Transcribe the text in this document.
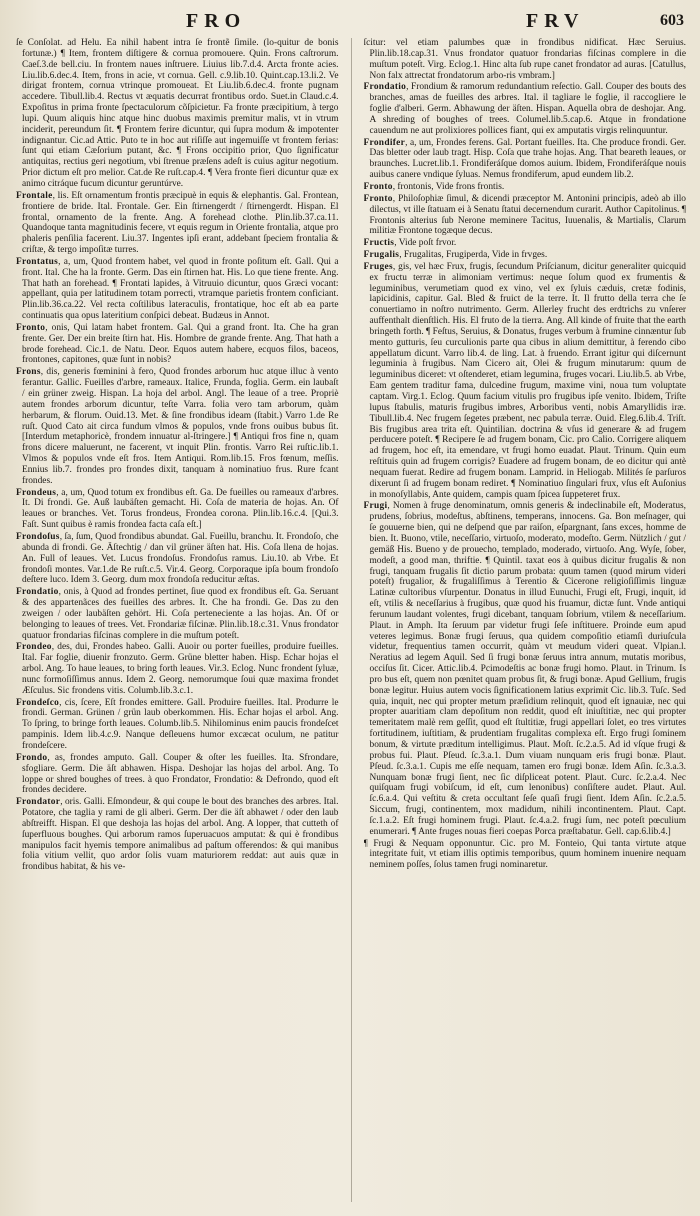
FRO	FRV	603
ſe Conſolat. ad Helu. Ea nihil habent intra ſe frontẽ ſimile. (lo-quitur de bonis fortunæ.) ¶ Item, frontem diſtigere & cornua promouere. Quin. Frons caſtrorum. Caeſ.3.de bell.ciu. In frontem naues inſtruere. Liuius lib.7.d.4. Arcta fronte acies. Liu.lib.6.dec.4. Item, frons in acie, vt cornua. Gell. c.9.lib.10. Quint.cap.13.li.2. Ve dirigat frontem, cornua vtrinque promoueat. Et Liu.lib.6.dec.4. fronte pugnam accedere. Tibull.lib.4. Rectus vt æquatis decurrat frontibus ordo. Suet.in Claud.c.4. Expoſitus in prima fronte ſpectaculorum cõſpicietur. Fa fronte præcipitium, à tergo lupi. Quum aliquis hinc atque hinc duobus maximis premitur malis, vt in vtrum inciderit, pereundum ſit. ¶ Frontem ferire dicuntur, qui ſupra modum & impotenter indignantur. Cic.ad Attic. Puto te in hoc aut riſiſſe aut ingemuiſſe vt frontem ferias: ſunt qui etiam Cæſorium putant, &c. ¶ Frons occipitio prior, Quo ſignificatur antiquitas, rectius geri negotium, vbi ſtrenue præſens adeſt is cuius agitur negotium. Prior dictum eſt pro melior. Cat.de Re ruſt.cap.4. ¶ Vera fronte fieri dicuntur quæ ex animo citráque fucum dicuntur geruntúrve.
Frontale, lis. Eſt ornamentum frontis præcipuè in equis & elephantis. Gal. Frontean, frontiere de bride. Ital. Frontale. Ger. Ein ſtirnengerdt / ſtirnengerdt. Hispan. El frontal, ornamento de la frente. Ang. A forehead clothe. Plin.lib.37.ca.11. Quandoque tanta magnitudinis fecere, vt equis regum in Oriente frontalia, atque pro phaleris penſilia facerent. Liu.37. Ingentes ipſi erant, addebant ſpeciem frontalia & criſtæ, & tergo impoſitæ turres.
Frontatus, a, um, Quod frontem habet, vel quod in fronte poſitum eſt. Gall. Qui a front. Ital. Che ha la fronte. Germ. Das ein ſtirnen hat. His. Lo que tiene frente. Ang. That hath an forehead. ¶ Frontati lapides, à Vitruuio dicuntur, quos Græci vocant: appellant, quia per latitudinem totam porrecti, vtramque parietis frontem conficiant. Plin.lib.36.ca.22. Vel recta coſtilibus lateraculis, frontatique, hoc eſt ab ea parte continuatis qua opus lateritium conſpici debeat. Budæus in Annot.
Fronto, onis, Qui latam habet frontem. Gal. Qui a grand front. Ita. Che ha gran frente. Ger. Der ein breite ſtirn hat. His. Hombre de grande frente. Ang. That hath a brode forehead. Cic.1. de Natu. Deor. Equos autem habere, ecquos filos, baceos, frontones, capitones, quæ ſunt in nobis?
Frons, dis, generis fœminini à fero, Quod frondes arborum huc atque illuc à vento ferantur. Gallic. Fueilles d'arbre, rameaux. Italice, Frunda, foglia. Germ. ein laubaſt / ein grüner zweig. Hispan. La hoja del arbol. Angl. The leaue of a tree. Propriè autem frondes arborum dicuntur, teſte Varra. folia vero tam arborum, quàm herbarum, & florum. Ouid.13. Met. & ſine frondibus ideam (ſtabit.) Varro 1.de Re ruſt. Quod Cato ait circa fundum vlmos & populos, vnde frons ouibus bubus ſit. [Interdum metaphoricè, frondem innuatur al-ſtringere.] ¶ Antiqui fros fine n, quam frons dicere maluerunt, ne facerent, vt inquit Plin. frontis. Varro Rei ruſtic.lib.1. Vlmos & populos vnde eſt fros. Item Antiqui. Rom.lib.15. Fros fœnum, meſſis. Ennius lib.7. frondes pro frondes dixit, tanquam à nominatiuo frus. Rure fcant frondes.
Frondeus, a, um, Quod totum ex frondibus eſt. Ga. De fueilles ou rameaux d'arbres. It. Di frondi. Ge. Auß laubäſten gemacht. Hi. Coſa de materia de hojas. An. Of leaues or branches. Vet. Torus frondeus, Frondea corona. Plin.lib.16.c.4. [Qui.3. Faſt. Sunt quibus è ramis frondea facta caſa eſt.]
Frondoſus, ſa, ſum, Quod frondibus abundat. Gal. Fueillu, branchu. It. Frondoſo, che abunda di frondi. Ge. Äſtechtig / dan vil grüner äſten hat. His. Coſa llena de hojas. An. Full of leaues. Vet. Lucus frondoſus. Frondoſus ramus. Liu.10. ab Vrbe. Et frondoſi montes. Var.1.de Re ruſt.c.5. Vir.4. Georg. Corporaque ipſa boum frondoſo deſtere luco. Idem 3. Georg. dum mox frondoſa reducitur æſtas.
Frondatio, onis, à Quod ad frondes pertinet, ſiue quod ex frondibus eſt. Ga. Seruant & des appartenãces des fueilles des arbres. It. Che ha frondi. Ge. Das zu den zweigen / oder laubäſten gehört. Hi. Coſa perteneciente a las hojas. An. Of or belonging to leaues of trees. Vet. Frondariæ fiſcinæ. Plin.lib.18.c.31. Vnus frondator quatuor frondarias fiſcinas complere in die muſtum poteſt.
Frondeo, des, dui, Frondes habeo. Galli. Auoir ou porter fueilles, produire fueilles. Ital. Far foglie, diuenir fronzuto. Germ. Grüne bletter haben. Hisp. Echar hojas el arbol. Ang. To haue leaues, to bring forth leaues. Vir.3. Eclog. Nunc frondent ſyluæ, nunc formoſiſſimus annus. Idem 2. Georg. nemorumque ſoui quæ maxima frondet Æſculus. Sic frondens vitis. Columb.lib.3.c.1.
Frondeſco, cis, ſcere, Eſt frondes emittere. Gall. Produire fueilles. Ital. Produrre le frondi. German. Grünen / grün laub oberkommen. His. Echar hojas el arbol. Ang. To ſpring, to bringe forth leaues. Columb.lib.5. Nihilominus enim paucis frondeſcet pampinis. Idem lib.4.c.9. Nanque deſleuens humor excæcat oculum, ne patitur frondeſcere.
Frondo, as, frondes amputo. Gall. Couper & oſter les fueilles. Ita. Sfrondare, sfogliare. Germ. Die äſt abhawen. Hispa. Deshojar las hojas del arbol. Ang. To loppe or shred boughes of trees. à quo Frondator, Frondatio: & Defrondo, quod eſt frondes decidere.
Frondator, oris. Galli. Eſmondeur, & qui coupe le bout des branches des arbres. Ital. Potatore, che taglia y rami de gli alberi. Germ. Der die äſt abhawet / oder den laub abſtreifft. Hispan. El que deshoja las hojas del arbol. Ang. A lopper, that cutteth of ſuperfluous boughes. Qui arborum ramos ſuperuacuos amputat: & qui è frondibus manipulos facit hyemis tempore animalibus ad paſtum offerendos: & qui manibus folia vitium vellit, quo ardor ſolis vuam maturiorem reddat: aut auis quæ in frondibus habitat, & his ve-
ſcitur: vel etiam palumbes quæ in frondibus nidificat. Hæc Seruius. Plin.lib.18.cap.31. Vnus frondator quatuor frondarias fiſcinas complere in die muſtum poteſt. Virg. Eclog.1. Hinc alta ſub rupe canet frondator ad auras. [Catullus, Non falx attrectat frondatorum arbo-ris vmbram.]
Frondatio, Frondium & ramorum redundantium reſectio. Gall. Couper des bouts des branches, amas de fueilles des arbres. Ital. il tagliare le foglie, il raccogliere le foglie d'alberi. Germ. Abhawung der äſten. Hispan. Aquella obra de deshojar. Ang. A shreding of boughes of trees. Columel.lib.5.cap.6. Atque in frondatione cauendum ne aut prolixiores pollices fiant, qui ex amputatis virgis relinquuntur.
Frondifer, a, um, Frondes ferens. Gal. Portant fueilles. Ita. Che produce frondi. Ger. Das bletter oder laub tragt. Hisp. Coſa que trahe hojas. Ang. That beareth leaues, or braunches. Lucret.lib.1. Frondiferáſque domos auium. Ibidem, Frondiferáſque nouis auibus canere vndique ſyluas. Nemus frondiferum, apud eundem lib.2.
Fronto, frontonis, Vide frons frontis.
Fronto, Philoſophiæ ſimul, & dicendi præceptor M. Antonini principis, adeò ab illo dilectus, vt ille ſtatuam ei à Senatu ſtatui decernendum curarit. Author Capitolinus. ¶ Frontonis alterius ſub Nerone meminere Tacitus, Iuuenalis, & Martialis, Clarum militiæ Frontone togæque decus.
Fructis, Vide poſt frvor.
Frugalis, Frugalitas, Frugiperda, Vide in frvges.
Fruges, gis, vel hæc Frux, frugis, ſecundum Priſcianum, dicitur generaliter quicquid ex fructu terræ in alimoniam vertimus: neque ſolum quod ex frumentis & leguminibus, verumetiam quod ex vino, vel ex ſyluis cæduis, cretæ fodinis, lapicidinis, capitur. Gal. Bled & fruict de la terre. It. Il frutto della terra che ſe conuertiamo in noſtro nutrimento. Germ. Allerley frucht des erdtrichs zu vnſerer auffenthalt dienſtlich. His. El fruto de la tierra. Ang. All kinde of fruite that the earth bringeth forth. ¶ Feſtus, Seruius, & Donatus, fruges verbum à frumine cinnæntur ſub mento gutturis, ſeu curculionis parte qua cibus in alium demittitur, à ferendo cibo appellatum dicunt. Varro lib.4. de ling. Lat. à fruendo. Errant igitur qui diſcernunt leguminia à frugibus. Nam Cicero ait, Olei & frugum minutarum: quum de leguminibus diceret: vt oſtenderet, etiam legumina, fruges vocari. Liu.lib.5. ab Vrbe, Eam gentem traditur fama, dulcedine frugum, maxime vini, noua tum voluptate captam. Virg.1. Eclog. Quum facium vitulis pro frugibus ipſe venito. Ibidem, Triſte lupus ſtabulis, maturis frugibus imbres, Arboribus venti, nobis Amaryllidis iræ. Tibull.lib.4. Nec frugem ſegetes præbent, nec pabula terræ. Ouid. Eleg.6.lib.4. Triſt. Bis frugibus area trita eſt. Quintilian. doctrina & vſus id generare & ad frugem perducere poteſt. ¶ Recipere ſe ad frugem bonam, Cic. pro Calio. Corrigere aliquem ad frugem, hoc eſt, ita emendare, vt frugi homo euadat. Plaut. Trinum. Quin eum reſtituis quin ad frugem corrigis? Euadere ad frugem bonam, de eo dicitur qui antè nequam fuerat. Redire ad frugem bonam. Lamprid. in Heliogab. Milités ſe parſuros dixerunt ſi ad frugem bonam rediret. ¶ Nominatiuo ſingulari frux, vſus eſt Auſonius in monoſyllabis, Ante quidem, campis quam ſpicea ſuppeteret frux.
Frugi, Nomen à fruge denominatum, omnis generis & indeclinabile eſt, Moderatus, prudens, ſobrius, modeſtus, abſtinens, temperans, innocens. Ga. Bon meſnager, qui ſe gouuerne bien, qui ne deſpend que par raiſon, eſpargnant, ſans exces, homme de bien. It. Buono, vtile, neceſſario, virtuoſo, moderato, modeſto. Germ. Nützlich / gut / gemäß His. Bueno y de prouecho, templado, moderado, virtuoſo. Ang. Wyſe, ſober, modeſt, a good man, thriftie. ¶ Quintil. taxat eos à quibus dicitur frugalis & non frugi, tanquam frugalis ſit dictio parum probata: quum tamen (quod mirum videri poteſt) frugalior, & frugaliſſimus à Terentio & Cicerone religioſiſſimis linguæ Latinæ cultoribus vſurpentur. Donatus in illud Eunuchi, Frugi eſt, Frugi, inquit, id eſt, vtilis & neceſſarius à frugibus, quæ quod his fruamur, dictæ ſunt. Vnde antiqui ferunum laudant volentes, frugi dicebant, tanquam ſobrium, vtilem & neceſſarium. Plaut. in Amph. Ita ſeruum par videtur frugi ſeſe inſtituere. Proinde eum apud veteres legimus. Bonæ frugi ſeruus, qua quidem compoſitio etiamſi duriuſcula videtur, frequentius tamen occurrit, quàm vt meudum videri queat. Vlpian.l. Neratius ad legem Aquil. Sed ſi frugi bonæ ſeruus intra annum, mutatis moribus, occiſus ſit. Cicer. Attic.lib.4. Pcimodeſtis ac bonæ frugi homo. Plaut. in Trinum. Is pro bus eſt, quem non pœnitet quam probus ſit, & frugi bonæ. Apud Gellium, frugis bonæ legitur. Huius autem vocis ſignificationem latius exprimit Cic. lib.3. Tuſc. Sed quia, inquit, nec qui propter metum præſidium relinquit, quod eſt ignauiæ, nec qui propter auaritiam clam depoſitum non reddit, quod eſt iniuſtitiæ, nec qui propter temeritatem malè rem geſſit, quod eſt ſtultitiæ, frugi appellari ſolet, eo tres virtutes fortitudinem, iuſtitiam, & prudentiam frugalitas complexa eſt. Ergo frugi ſominem bonum, & virtute præditum intelligimus. Plaut. Moſt. ſc.2.a.5. Ad id vſque frugi & probus fui. Plaut. Pſeud. ſc.3.a.1. Dum viuam nunquam eris frugi bonæ. Plaut. Pſeud. ſc.3.a.1. Cupis me eſſe nequam, tamen ero frugi bonæ. Idem Aſin. ſc.3.a.3. Nunquam bonæ frugi ſient, nec ſic diſpliceat potent. Plaut. Curc. ſc.2.a.4. Nec quiſquam frugi vobiſcum, id eſt, cum lenonibus) conſiſtere audet. Plaut. Aul. ſc.6.a.4. Qui veſtitu & creta occultant ſeſe quaſi frugi ſient. Idem Aſin. ſc.2.a.5. Siccum, frugi, continentem, mox madidum, nihili incontinentem. Plaut. Capt. ſc.1.a.2. Eſt frugi hominem frugi. Plaut. ſc.4.a.2. frugi ſum, nec poteſt pœculium enumerari. ¶ Ante fruges nouas fieri coepas Porca præſtabatur. Gell. cap.6.lib.4.]
¶ Frugi & Nequam opponuntur. Cic. pro M. Fonteio, Qui tanta virtute atque integritate fuit, vt etiam illis optimis temporibus, quum hominem inuenire nequam neminem poſſes, ſolus tamen frugi nominaretur.
